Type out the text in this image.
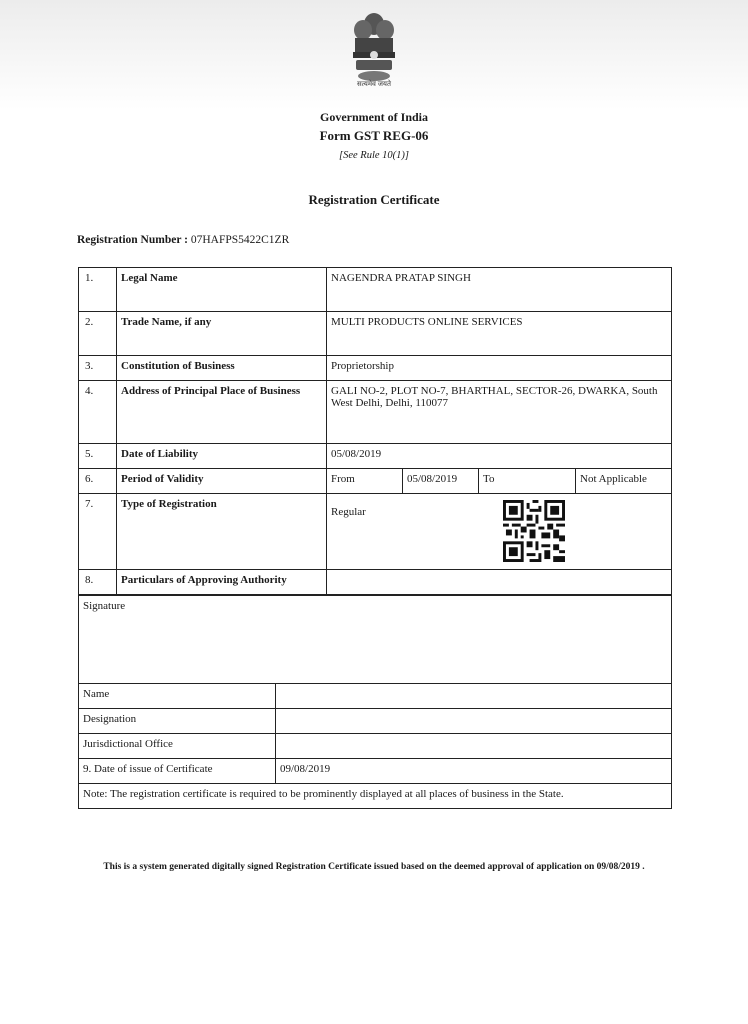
सत्यमेव जयते
Government of India
Form GST REG-06
[See Rule 10(1)]
Registration Certificate
Registration Number : 07HAFPS5422C1ZR
1.	Legal Name	NAGENDRA PRATAP SINGH			
2.	Trade Name, if any	MULTI PRODUCTS ONLINE SERVICES			
3.	Constitution of Business	Proprietorship			
4.	Address of Principal Place of Business	GALI NO-2, PLOT NO-7, BHARTHAL, SECTOR-26, DWARKA, South West Delhi, Delhi, 110077			
5.	Date of Liability	05/08/2019			
6.	Period of Validity	From	05/08/2019	To	Not Applicable
7.	Type of Registration	Regular			

8.	Particulars of Approving Authority				
Signature	
Name	
Designation	
Jurisdictional Office	
9. Date of issue of Certificate	09/08/2019
Note: The registration certificate is required to be prominently displayed at all places of business in the State.	
This is a system generated digitally signed Registration Certificate issued based on the deemed approval of application on 09/08/2019 .
